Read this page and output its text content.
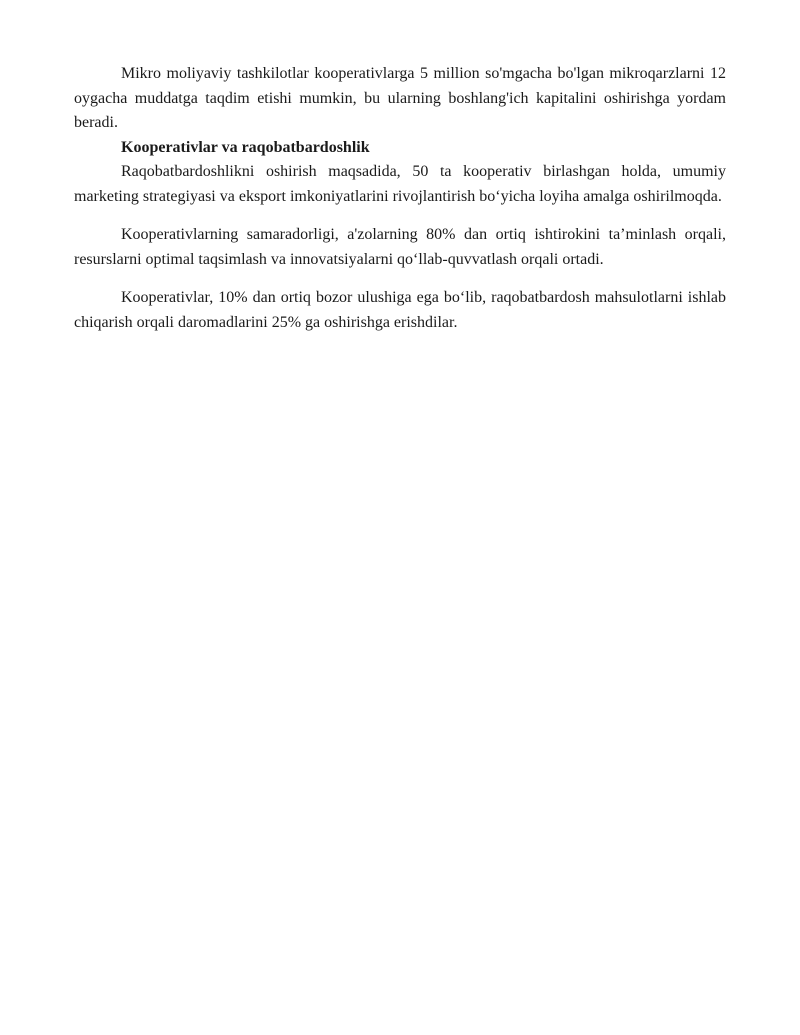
Mikro moliyaviy tashkilotlar kooperativlarga 5 million so'mgacha bo'lgan mikroqarzlarni 12 oygacha muddatga taqdim etishi mumkin, bu ularning boshlang'ich kapitalini oshirishga yordam beradi.

Kooperativlar va raqobatbardoshlik

Raqobatbardoshlikni oshirish maqsadida, 50 ta kooperativ birlashgan holda, umumiy marketing strategiyasi va eksport imkoniyatlarini rivojlantirish bo‘yicha loyiha amalga oshirilmoqda.

Kooperativlarning samaradorligi, a'zolarning 80% dan ortiq ishtirokini ta’minlash orqali, resurslarni optimal taqsimlash va innovatsiyalarni qo‘llab-quvvatlash orqali ortadi.

Kooperativlar, 10% dan ortiq bozor ulushiga ega bo‘lib, raqobatbardosh mahsulotlarni ishlab chiqarish orqali daromadlarini 25% ga oshirishga erishdilar.
